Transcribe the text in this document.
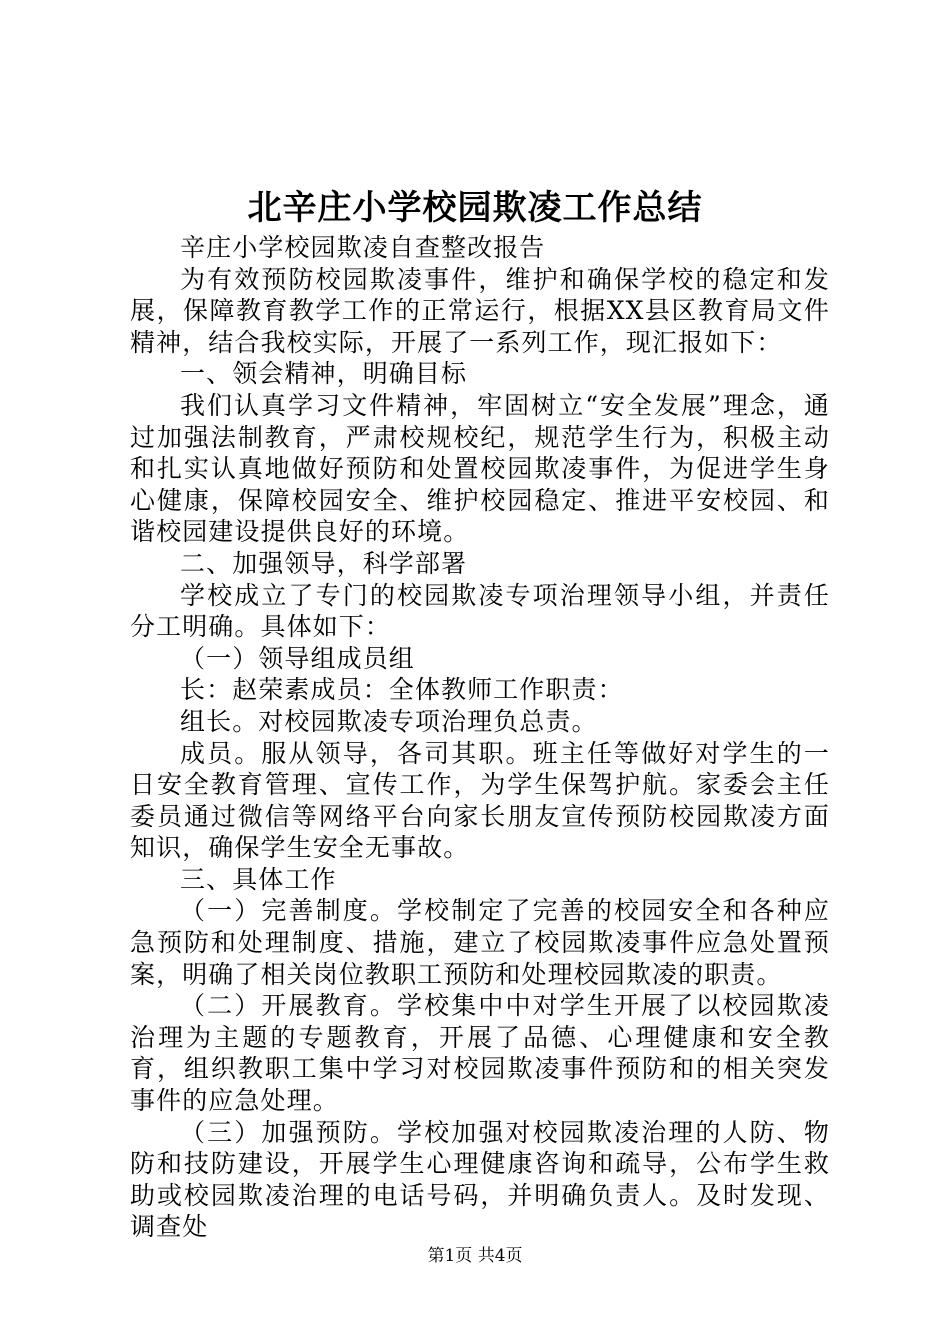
北辛庄小学校园欺凌工作总结

辛庄小学校园欺凌自查整改报告

为有效预防校园欺凌事件，维护和确保学校的稳定和发展，保障教育教学工作的正常运行，根据XX县区教育局文件精神，结合我校实际，开展了一系列工作，现汇报如下：

一、领会精神，明确目标

我们认真学习文件精神，牢固树立“安全发展”理念，通过加强法制教育，严肃校规校纪，规范学生行为，积极主动和扎实认真地做好预防和处置校园欺凌事件，为促进学生身心健康，保障校园安全、维护校园稳定、推进平安校园、和谐校园建设提供良好的环境。

二、加强领导，科学部署

学校成立了专门的校园欺凌专项治理领导小组，并责任分工明确。具体如下：

（一）领导组成员组

长：赵荣素成员：全体教师工作职责：

组长。对校园欺凌专项治理负总责。

成员。服从领导，各司其职。班主任等做好对学生的一日安全教育管理、宣传工作，为学生保驾护航。家委会主任委员通过微信等网络平台向家长朋友宣传预防校园欺凌方面知识，确保学生安全无事故。

三、具体工作

（一）完善制度。学校制定了完善的校园安全和各种应急预防和处理制度、措施，建立了校园欺凌事件应急处置预案，明确了相关岗位教职工预防和处理校园欺凌的职责。

（二）开展教育。学校集中中对学生开展了以校园欺凌治理为主题的专题教育，开展了品德、心理健康和安全教育，组织教职工集中学习对校园欺凌事件预防和的相关突发事件的应急处理。

（三）加强预防。学校加强对校园欺凌治理的人防、物防和技防建设，开展学生心理健康咨询和疏导，公布学生救助或校园欺凌治理的电话号码，并明确负责人。及时发现、调查处

第1页 共4页
